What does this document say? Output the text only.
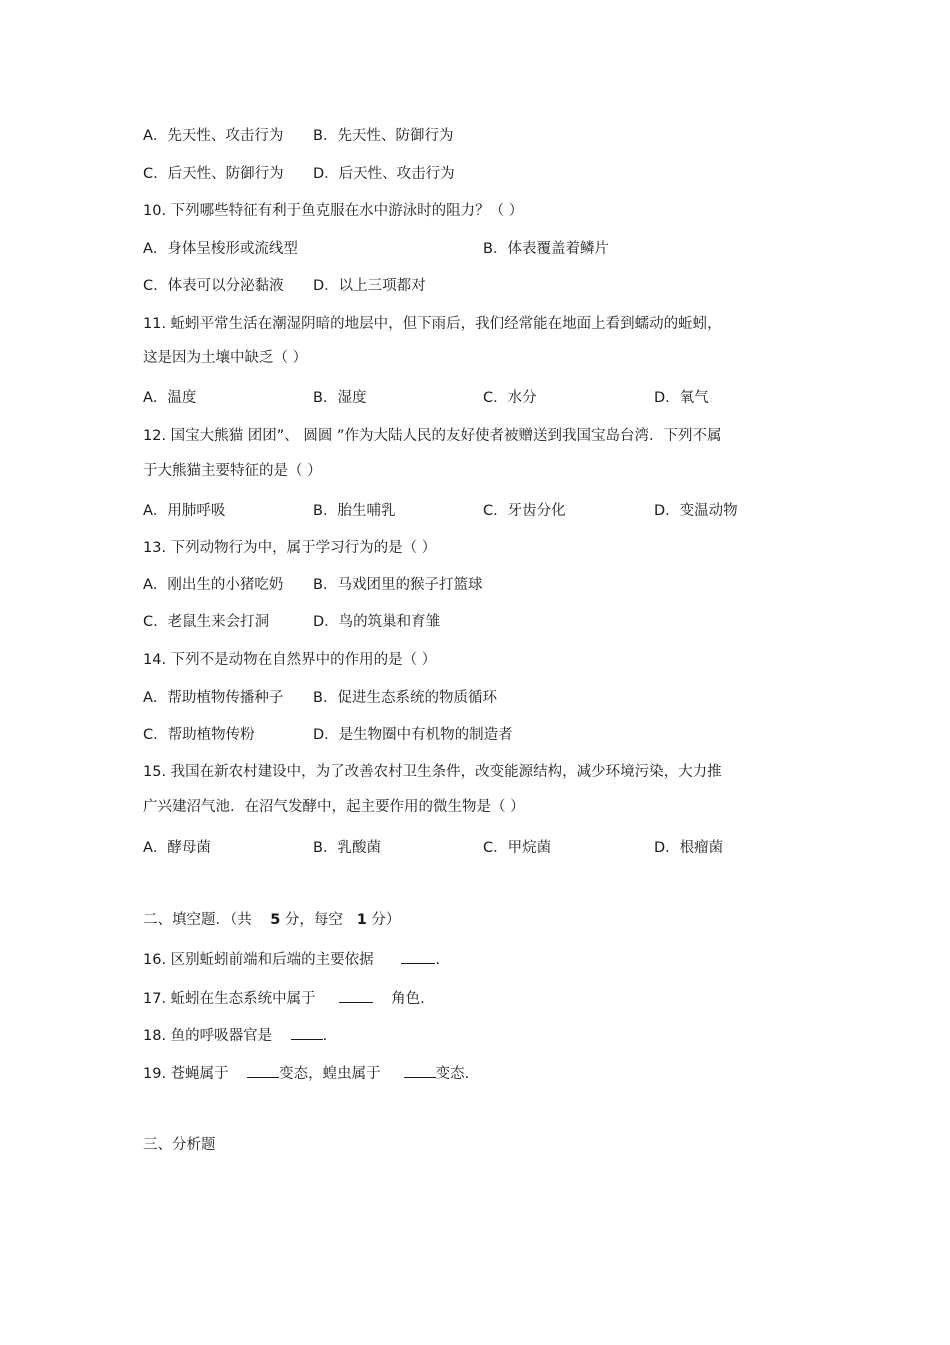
A．先天性、攻击行为 B．先天性、防御行为
C．后天性、防御行为 D．后天性、攻击行为
10. 下列哪些特征有利于鱼克服在水中游泳时的阻力？（ ）
A．身体呈梭形或流线型	B．体表覆盖着鳞片
C．体表可以分泌黏液 D．以上三项都对
11. 蚯蚓平常生活在潮湿阴暗的地层中，但下雨后，我们经常能在地面上看到蠕动的蚯蚓，
这是因为土壤中缺乏（ ）
A．温度	B．湿度	C．水分	D．氧气
12. 国宝大熊猫 团团”、 圆圆 ”作为大陆人民的友好使者被赠送到我国宝岛台湾．下列不属
于大熊猫主要特征的是（ ）
A．用肺呼吸	B．胎生哺乳	C．牙齿分化	D．变温动物
13. 下列动物行为中，属于学习行为的是（ ）
A．刚出生的小猪吃奶 B．马戏团里的猴子打篮球
C．老鼠生来会打洞	D．鸟的筑巢和育雏
14. 下列不是动物在自然界中的作用的是（ ）
A．帮助植物传播种子 B．促进生态系统的物质循环
C．帮助植物传粉	D．是生物圈中有机物的制造者
15. 我国在新农村建设中，为了改善农村卫生条件，改变能源结构，减少环境污染，大力推
广兴建沼气池．在沼气发酵中，起主要作用的微生物是（ ）
A．酵母菌	B．乳酸菌	C．甲烷菌	D．根瘤菌
二、填空题．（共 5 分，每空 1 分）
16. 区别蚯蚓前端和后端的主要依据	.
17. 蚯蚓在生态系统中属于	角色.
18. 鱼的呼吸器官是	.
19. 苍蝇属于	变态，蝗虫属于	变态.
三、分析题
